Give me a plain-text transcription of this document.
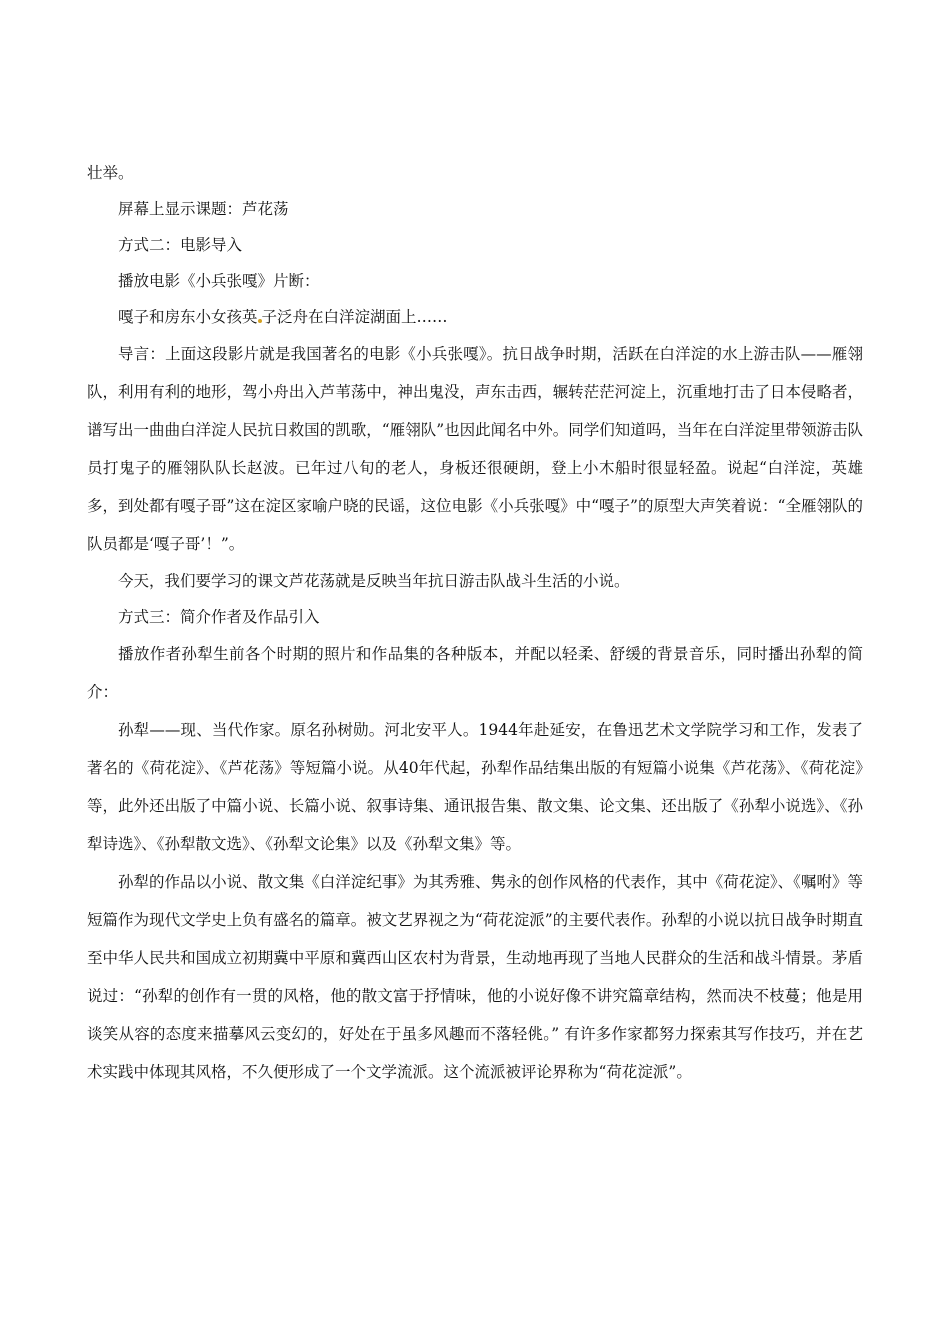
壮举。

屏幕上显示课题：芦花荡

方式二：电影导入

播放电影《小兵张嘎》片断：

嘎子和房东小女孩英 子泛舟在白洋淀湖面上……

导言：上面这段影片就是我国著名的电影《小兵张嘎》。抗日战争时期，活跃在白洋淀的水上游击队——雁翎队，利用有利的地形，驾小舟出入芦苇荡中，神出鬼没，声东击西，辗转茫茫河淀上，沉重地打击了日本侵略者，谱写出一曲曲白洋淀人民抗日救国的凯歌，“雁翎队”也因此闻名中外。同学们知道吗，当年在白洋淀里带领游击队员打鬼子的雁翎队队长赵波。已年过八旬的老人，身板还很硬朗，登上小木船时很显轻盈。说起“白洋淀，英雄多，到处都有嘎子哥”这在淀区家喻户晓的民谣，这位电影《小兵张嘎》中“嘎子”的原型大声笑着说：“全雁翎队的队员都是‘嘎子哥’！”。

今天，我们要学习的课文芦花荡就是反映当年抗日游击队战斗生活的小说。

方式三：简介作者及作品引入

播放作者孙犁生前各个时期的照片和作品集的各种版本，并配以轻柔、舒缓的背景音乐，同时播出孙犁的简介：

孙犁——现、当代作家。原名孙树勋。河北安平人。1944年赴延安，在鲁迅艺术文学院学习和工作，发表了著名的《荷花淀》、《芦花荡》等短篇小说。从40年代起，孙犁作品结集出版的有短篇小说集《芦花荡》、《荷花淀》等，此外还出版了中篇小说、长篇小说、叙事诗集、通讯报告集、散文集、论文集、还出版了《孙犁小说选》、《孙犁诗选》、《孙犁散文选》、《孙犁文论集》以及《孙犁文集》等。

孙犁的作品以小说、散文集《白洋淀纪事》为其秀雅、隽永的创作风格的代表作，其中《荷花淀》、《嘱咐》等短篇作为现代文学史上负有盛名的篇章。被文艺界视之为“荷花淀派”的主要代表作。孙犁的小说以抗日战争时期直至中华人民共和国成立初期冀中平原和冀西山区农村为背景，生动地再现了当地人民群众的生活和战斗情景。茅盾说过：“孙犁的创作有一贯的风格，他的散文富于抒情味，他的小说好像不讲究篇章结构，然而决不枝蔓；他是用谈笑从容的态度来描摹风云变幻的，好处在于虽多风趣而不落轻佻。” 有许多作家都努力探索其写作技巧，并在艺术实践中体现其风格，不久便形成了一个文学流派。这个流派被评论界称为“荷花淀派”。
